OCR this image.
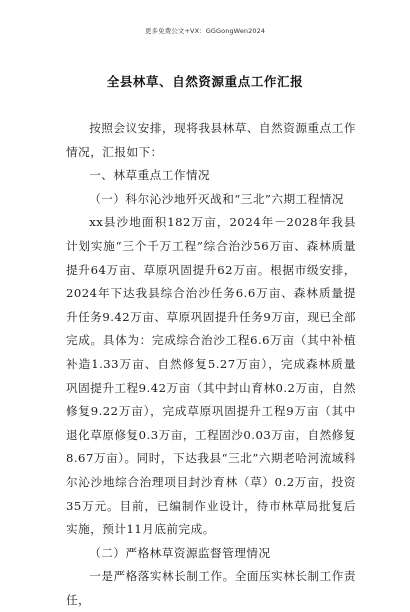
更多免费公文+VX：GGGongWen2024
全县林草、自然资源重点工作汇报

按照会议安排，现将我县林草、自然资源重点工作情况，汇报如下：

一、林草重点工作情况

（一）科尔沁沙地歼灭战和“三北”六期工程情况

xx县沙地面积182万亩，2024年－2028年我县计划实施“三个千万工程”综合治沙56万亩、森林质量提升64万亩、草原巩固提升62万亩。根据市级安排，2024年下达我县综合治沙任务6.6万亩、森林质量提升任务9.42万亩、草原巩固提升任务9万亩，现已全部完成。具体为：完成综合治沙工程6.6万亩（其中补植补造1.33万亩、自然修复5.27万亩），完成森林质量巩固提升工程9.42万亩（其中封山育林0.2万亩，自然修复9.22万亩），完成草原巩固提升工程9万亩（其中退化草原修复0.3万亩，工程固沙0.03万亩，自然修复8.67万亩）。同时，下达我县“三北”六期老哈河流域科尔沁沙地综合治理项目封沙育林（草）0.2万亩，投资35万元。目前，已编制作业设计，待市林草局批复后实施，预计11月底前完成。

（二）严格林草资源监督管理情况

一是严格落实林长制工作。全面压实林长制工作责任，
